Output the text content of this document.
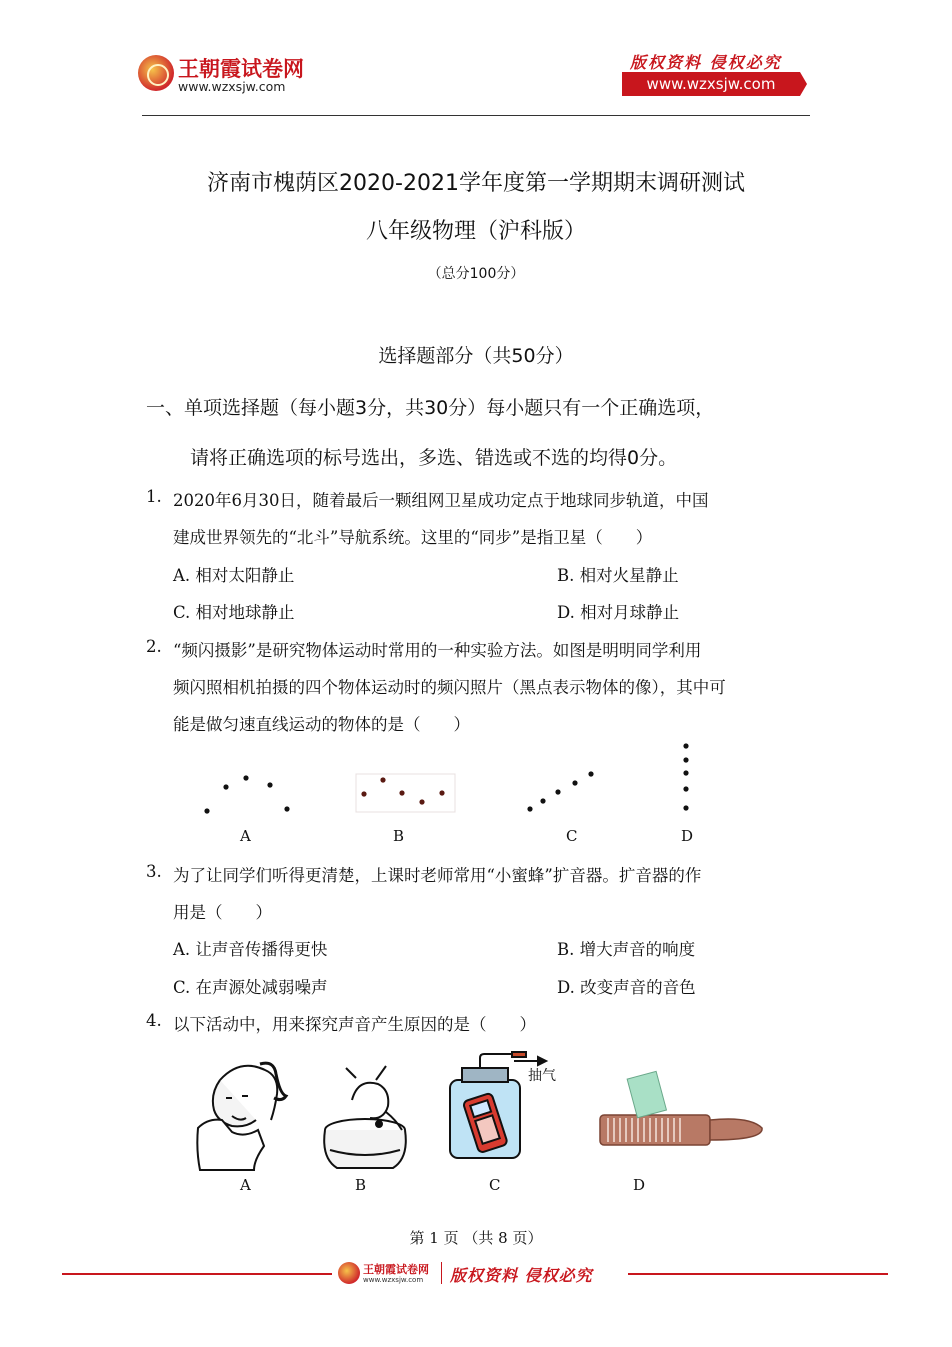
王朝霞试卷网
www.wzxsjw.com
版权资料 侵权必究
www.wzxsjw.com
济南市槐荫区2020-2021学年度第一学期期末调研测试
八年级物理（沪科版）
（总分100分）
选择题部分（共50分）
一、单项选择题（每小题3分，共30分）每小题只有一个正确选项，
请将正确选项的标号选出，多选、错选或不选的均得0分。
1. 2020年6月30日，随着最后一颗组网卫星成功定点于地球同步轨道，中国
建成世界领先的“北斗”导航系统。这里的“同步”是指卫星（　　）
A. 相对太阳静止	B. 相对火星静止
C. 相对地球静止	D. 相对月球静止
2. “频闪摄影”是研究物体运动时常用的一种实验方法。如图是明明同学利用
频闪照相机拍摄的四个物体运动时的频闪照片（黑点表示物体的像），其中可
能是做匀速直线运动的物体的是（　　）
A	B	C	D
3. 为了让同学们听得更清楚，上课时老师常用“小蜜蜂”扩音器。扩音器的作
用是（　　）
A. 让声音传播得更快	B. 增大声音的响度
C. 在声源处减弱噪声	D. 改变声音的音色
4. 以下活动中，用来探究声音产生原因的是（　　）
抽气
A	B	C	D
第 1 页 （共 8 页）
王朝霞试卷网
www.wzxsjw.com 版权资料 侵权必究
